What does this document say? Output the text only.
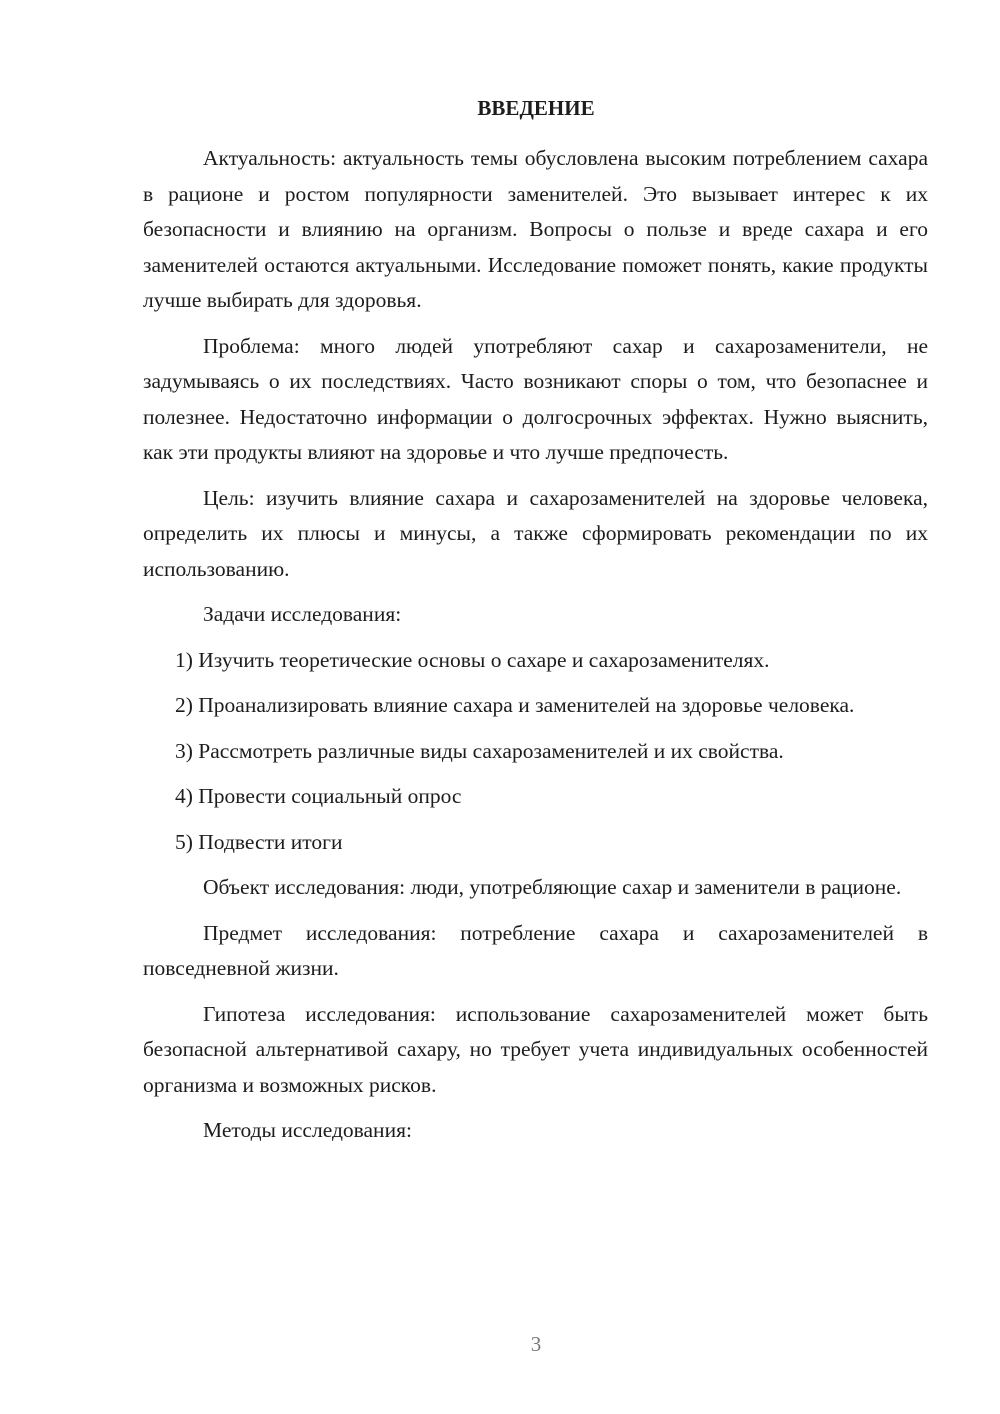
ВВЕДЕНИЕ

Актуальность: актуальность темы обусловлена высоким потреблением сахара в рационе и ростом популярности заменителей. Это вызывает интерес к их безопасности и влиянию на организм. Вопросы о пользе и вреде сахара и его заменителей остаются актуальными. Исследование поможет понять, какие продукты лучше выбирать для здоровья.

Проблема: много людей употребляют сахар и сахарозаменители, не задумываясь о их последствиях. Часто возникают споры о том, что безопаснее и полезнее. Недостаточно информации о долгосрочных эффектах. Нужно выяснить, как эти продукты влияют на здоровье и что лучше предпочесть.

Цель: изучить влияние сахара и сахарозаменителей на здоровье человека, определить их плюсы и минусы, а также сформировать рекомендации по их использованию.

Задачи исследования:

1) Изучить теоретические основы о сахаре и сахарозаменителях.

2) Проанализировать влияние сахара и заменителей на здоровье человека.

3) Рассмотреть различные виды сахарозаменителей и их свойства.

4) Провести социальный опрос

5) Подвести итоги

Объект исследования: люди, употребляющие сахар и заменители в рационе.

Предмет исследования: потребление сахара и сахарозаменителей в повседневной жизни.

Гипотеза исследования: использование сахарозаменителей может быть безопасной альтернативой сахару, но требует учета индивидуальных особенностей организма и возможных рисков.

Методы исследования:

3
